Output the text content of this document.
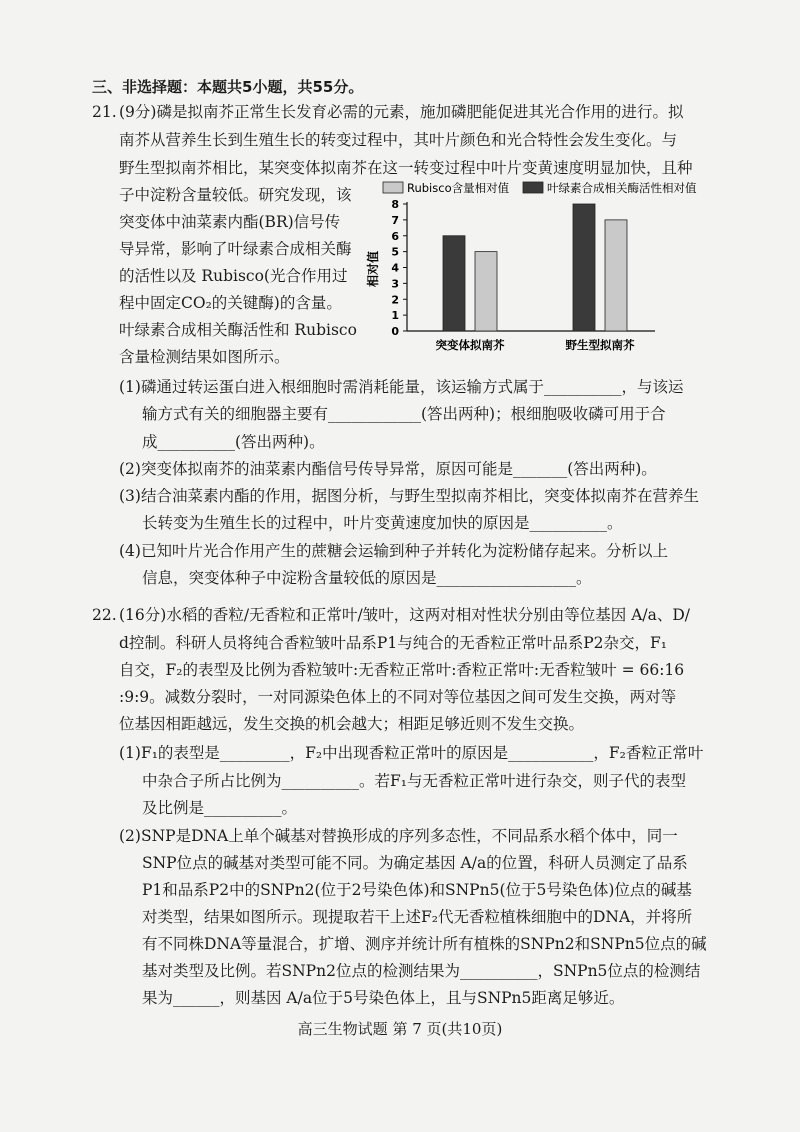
三、非选择题：本题共5小题，共55分。
21. (9分)磷是拟南芥正常生长发育必需的元素，施加磷肥能促进其光合作用的进行。拟
南芥从营养生长到生殖生长的转变过程中，其叶片颜色和光合特性会发生变化。与
野生型拟南芥相比，某突变体拟南芥在这一转变过程中叶片变黄速度明显加快，且种
子中淀粉含量较低。研究发现，该
突变体中油菜素内酯(BR)信号传
导异常，影响了叶绿素合成相关酶
的活性以及 Rubisco(光合作用过
程中固定CO₂的关键酶)的含量。
叶绿素合成相关酶活性和 Rubisco
含量检测结果如图所示。
Rubisco含量相对值	叶绿素合成相关酶活性相对值
相对值
0
1
2
3
4
5
6
7
8
突变体拟南芥	野生型拟南芥
(1)磷通过转运蛋白进入根细胞时需消耗能量，该运输方式属于__________，与该运
输方式有关的细胞器主要有____________(答出两种)；根细胞吸收磷可用于合
成__________(答出两种)。
(2)突变体拟南芥的油菜素内酯信号传导异常，原因可能是_______(答出两种)。
(3)结合油菜素内酯的作用，据图分析，与野生型拟南芥相比，突变体拟南芥在营养生
长转变为生殖生长的过程中，叶片变黄速度加快的原因是__________。
(4)已知叶片光合作用产生的蔗糖会运输到种子并转化为淀粉储存起来。分析以上
信息，突变体种子中淀粉含量较低的原因是__________________。
22. (16分)水稻的香粒/无香粒和正常叶/皱叶，这两对相对性状分别由等位基因 A/a、D/
d控制。科研人员将纯合香粒皱叶品系P1与纯合的无香粒正常叶品系P2杂交，F₁
自交，F₂的表型及比例为香粒皱叶:无香粒正常叶:香粒正常叶:无香粒皱叶 = 66:16
:9:9。减数分裂时，一对同源染色体上的不同对等位基因之间可发生交换，两对等
位基因相距越远，发生交换的机会越大；相距足够近则不发生交换。
(1)F₁的表型是_________，F₂中出现香粒正常叶的原因是___________，F₂香粒正常叶
中杂合子所占比例为__________。若F₁与无香粒正常叶进行杂交，则子代的表型
及比例是__________。
(2)SNP是DNA上单个碱基对替换形成的序列多态性，不同品系水稻个体中，同一
SNP位点的碱基对类型可能不同。为确定基因 A/a的位置，科研人员测定了品系
P1和品系P2中的SNPn2(位于2号染色体)和SNPn5(位于5号染色体)位点的碱基
对类型，结果如图所示。现提取若干上述F₂代无香粒植株细胞中的DNA，并将所
有不同株DNA等量混合，扩增、测序并统计所有植株的SNPn2和SNPn5位点的碱
基对类型及比例。若SNPn2位点的检测结果为__________，SNPn5位点的检测结
果为______，则基因 A/a位于5号染色体上，且与SNPn5距离足够近。
高三生物试题 第 7 页(共10页)
